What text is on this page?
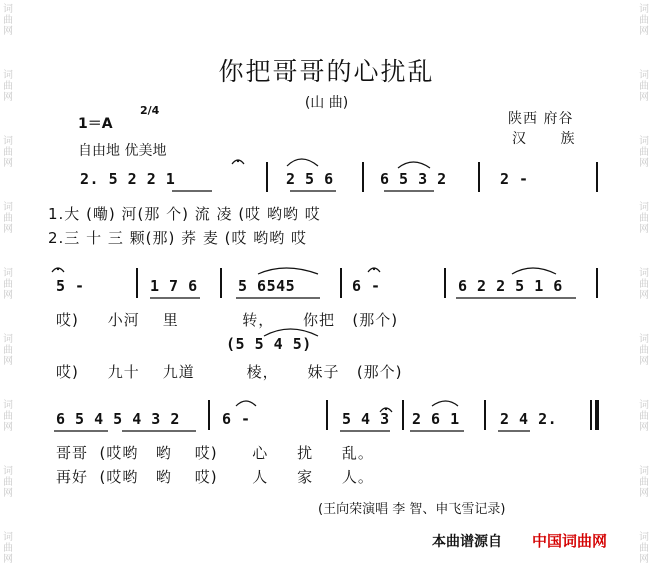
词曲网
词曲网
词曲网
词曲网
词曲网
词曲网
词曲网
词曲网
词曲网
词曲网
词曲网
词曲网
词曲网
词曲网
词曲网
词曲网
词曲网
词曲网
你把哥哥的心扰乱
(山 曲)
1＝A
2/4
自由地 优美地
陕西 府谷
汉 族
2. 5 2 2 1	2 5 6	6 5 3 2	2 -
1.大 (嘞) 河(那 个) 流 凌 (哎 哟哟 哎
2.三 十 三 颗(那) 荞 麦 (哎 哟哟 哎
5 -	1 7 6	5 6545	6 -	6 2 2 5 1 6
哎)     小河    里           转，     你把   (那个)
(5 5 4 5)
哎)     九十    九道         棱，     妹子   (那个)
6 5 4 5 4 3 2	6 -	5 4 3 2 6 1	2 4 2.
哥哥  (哎哟   哟    哎)      心     扰     乱。
再好  (哎哟   哟    哎)      人     家     人。
(王向荣演唱 李 智、申飞雪记录)
本曲谱源自 中国词曲网
